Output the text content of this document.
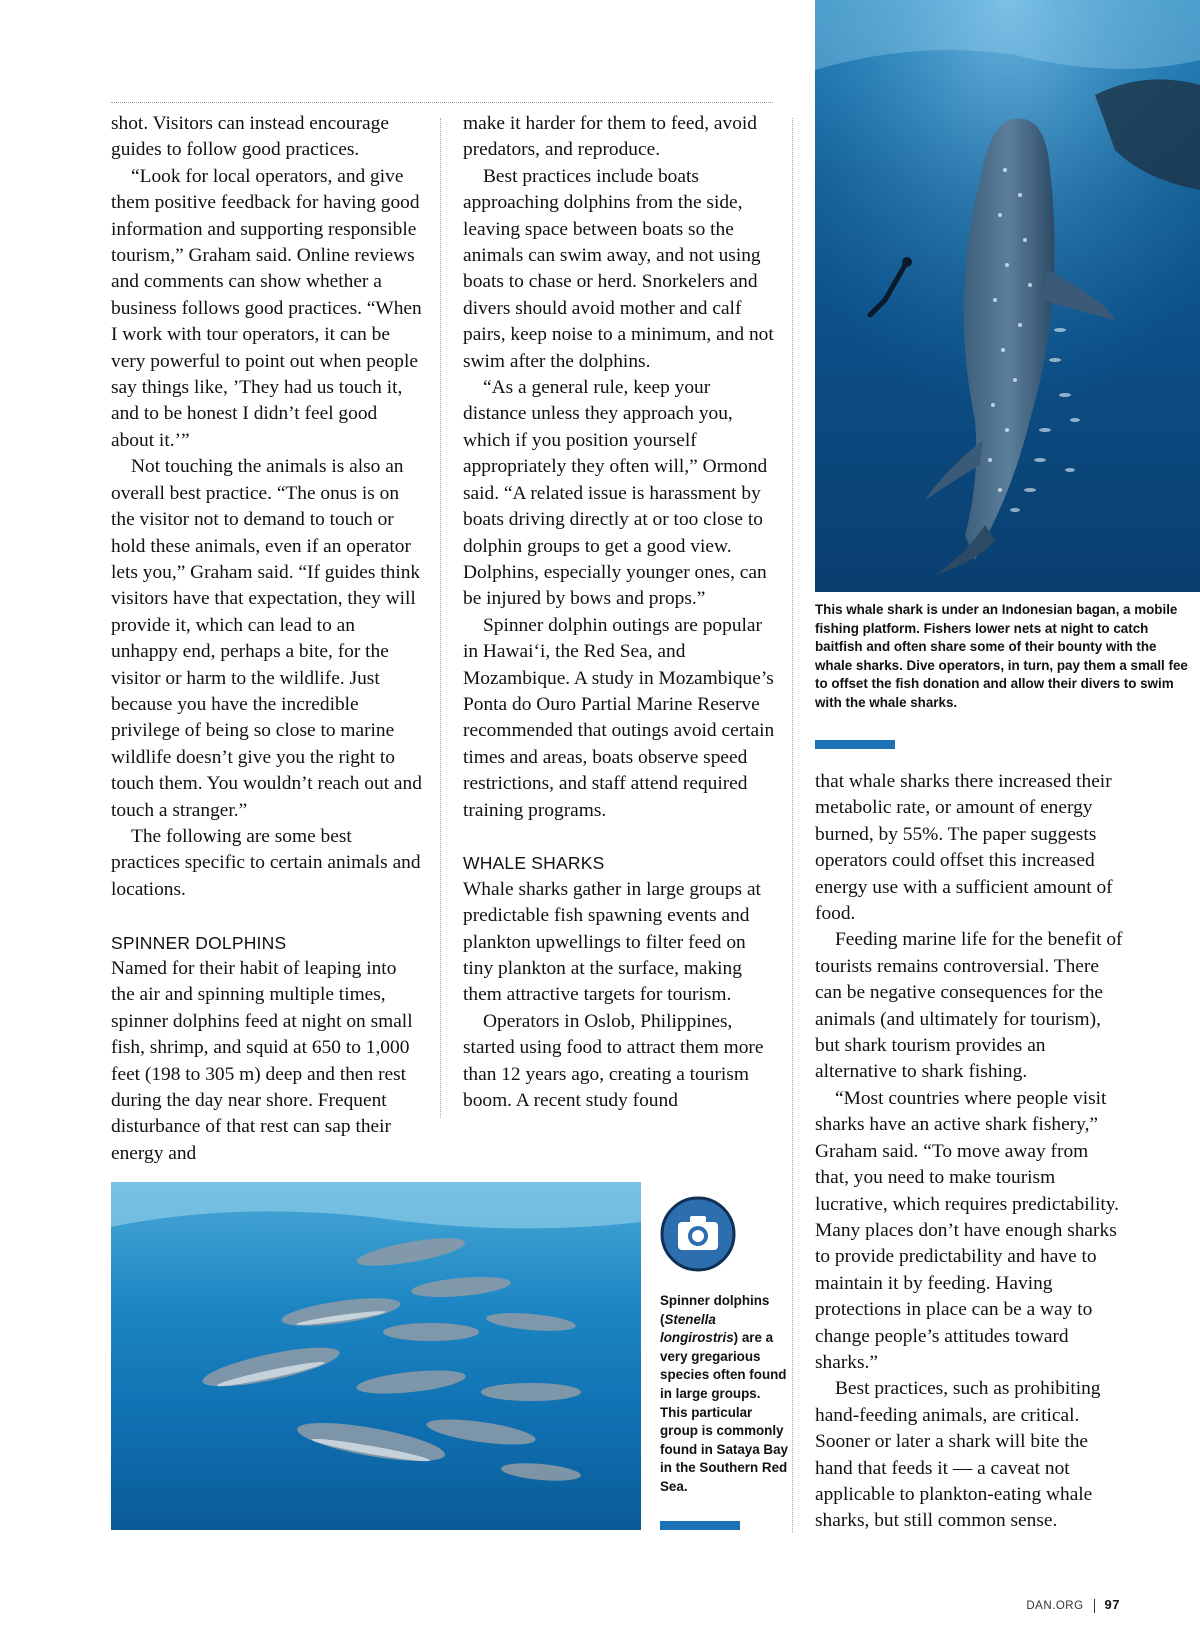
shot. Visitors can instead encourage guides to follow good practices.

“Look for local operators, and give them positive feedback for having good information and supporting responsible tourism,” Graham said. Online reviews and comments can show whether a business follows good practices. “When I work with tour operators, it can be very powerful to point out when people say things like, ’They had us touch it, and to be honest I didn’t feel good about it.’”

Not touching the animals is also an overall best practice. “The onus is on the visitor not to demand to touch or hold these animals, even if an operator lets you,” Graham said. “If guides think visitors have that expectation, they will provide it, which can lead to an unhappy end, perhaps a bite, for the visitor or harm to the wildlife. Just because you have the incredible privilege of being so close to marine wildlife doesn’t give you the right to touch them. You wouldn’t reach out and touch a stranger.”

The following are some best practices specific to certain animals and locations.

SPINNER DOLPHINS

Named for their habit of leaping into the air and spinning multiple times, spinner dolphins feed at night on small fish, shrimp, and squid at 650 to 1,000 feet (198 to 305 m) deep and then rest during the day near shore. Frequent disturbance of that rest can sap their energy and

make it harder for them to feed, avoid predators, and reproduce.

Best practices include boats approaching dolphins from the side, leaving space between boats so the animals can swim away, and not using boats to chase or herd. Snorkelers and divers should avoid mother and calf pairs, keep noise to a minimum, and not swim after the dolphins.

“As a general rule, keep your distance unless they approach you, which if you position yourself appropriately they often will,” Ormond said. “A related issue is harassment by boats driving directly at or too close to dolphin groups to get a good view. Dolphins, especially younger ones, can be injured by bows and props.”

Spinner dolphin outings are popular in Hawai‘i, the Red Sea, and Mozambique. A study in Mozambique’s Ponta do Ouro Partial Marine Reserve recommended that outings avoid certain times and areas, boats observe speed restrictions, and staff attend required training programs.

WHALE SHARKS

Whale sharks gather in large groups at predictable fish spawning events and plankton upwellings to filter feed on tiny plankton at the surface, making them attractive targets for tourism.

Operators in Oslob, Philippines, started using food to attract them more than 12 years ago, creating a tourism boom. A recent study found

This whale shark is under an Indonesian bagan, a mobile fishing platform. Fishers lower nets at night to catch baitfish and often share some of their bounty with the whale sharks. Dive operators, in turn, pay them a small fee to offset the fish donation and allow their divers to swim with the whale sharks.

that whale sharks there increased their metabolic rate, or amount of energy burned, by 55%. The paper suggests operators could offset this increased energy use with a sufficient amount of food.

Feeding marine life for the benefit of tourists remains controversial. There can be negative consequences for the animals (and ultimately for tourism), but shark tourism provides an alternative to shark fishing.

“Most countries where people visit sharks have an active shark fishery,” Graham said. “To move away from that, you need to make tourism lucrative, which requires predictability. Many places don’t have enough sharks to provide predictability and have to maintain it by feeding. Having protections in place can be a way to change people’s attitudes toward sharks.”

Best practices, such as prohibiting hand-feeding animals, are critical. Sooner or later a shark will bite the hand that feeds it — a caveat not applicable to plankton-eating whale sharks, but still common sense.

Spinner dolphins (Stenella longirostris) are a very gregarious species often found in large groups. This particular group is commonly found in Sataya Bay in the Southern Red Sea.
DAN.ORG 97
